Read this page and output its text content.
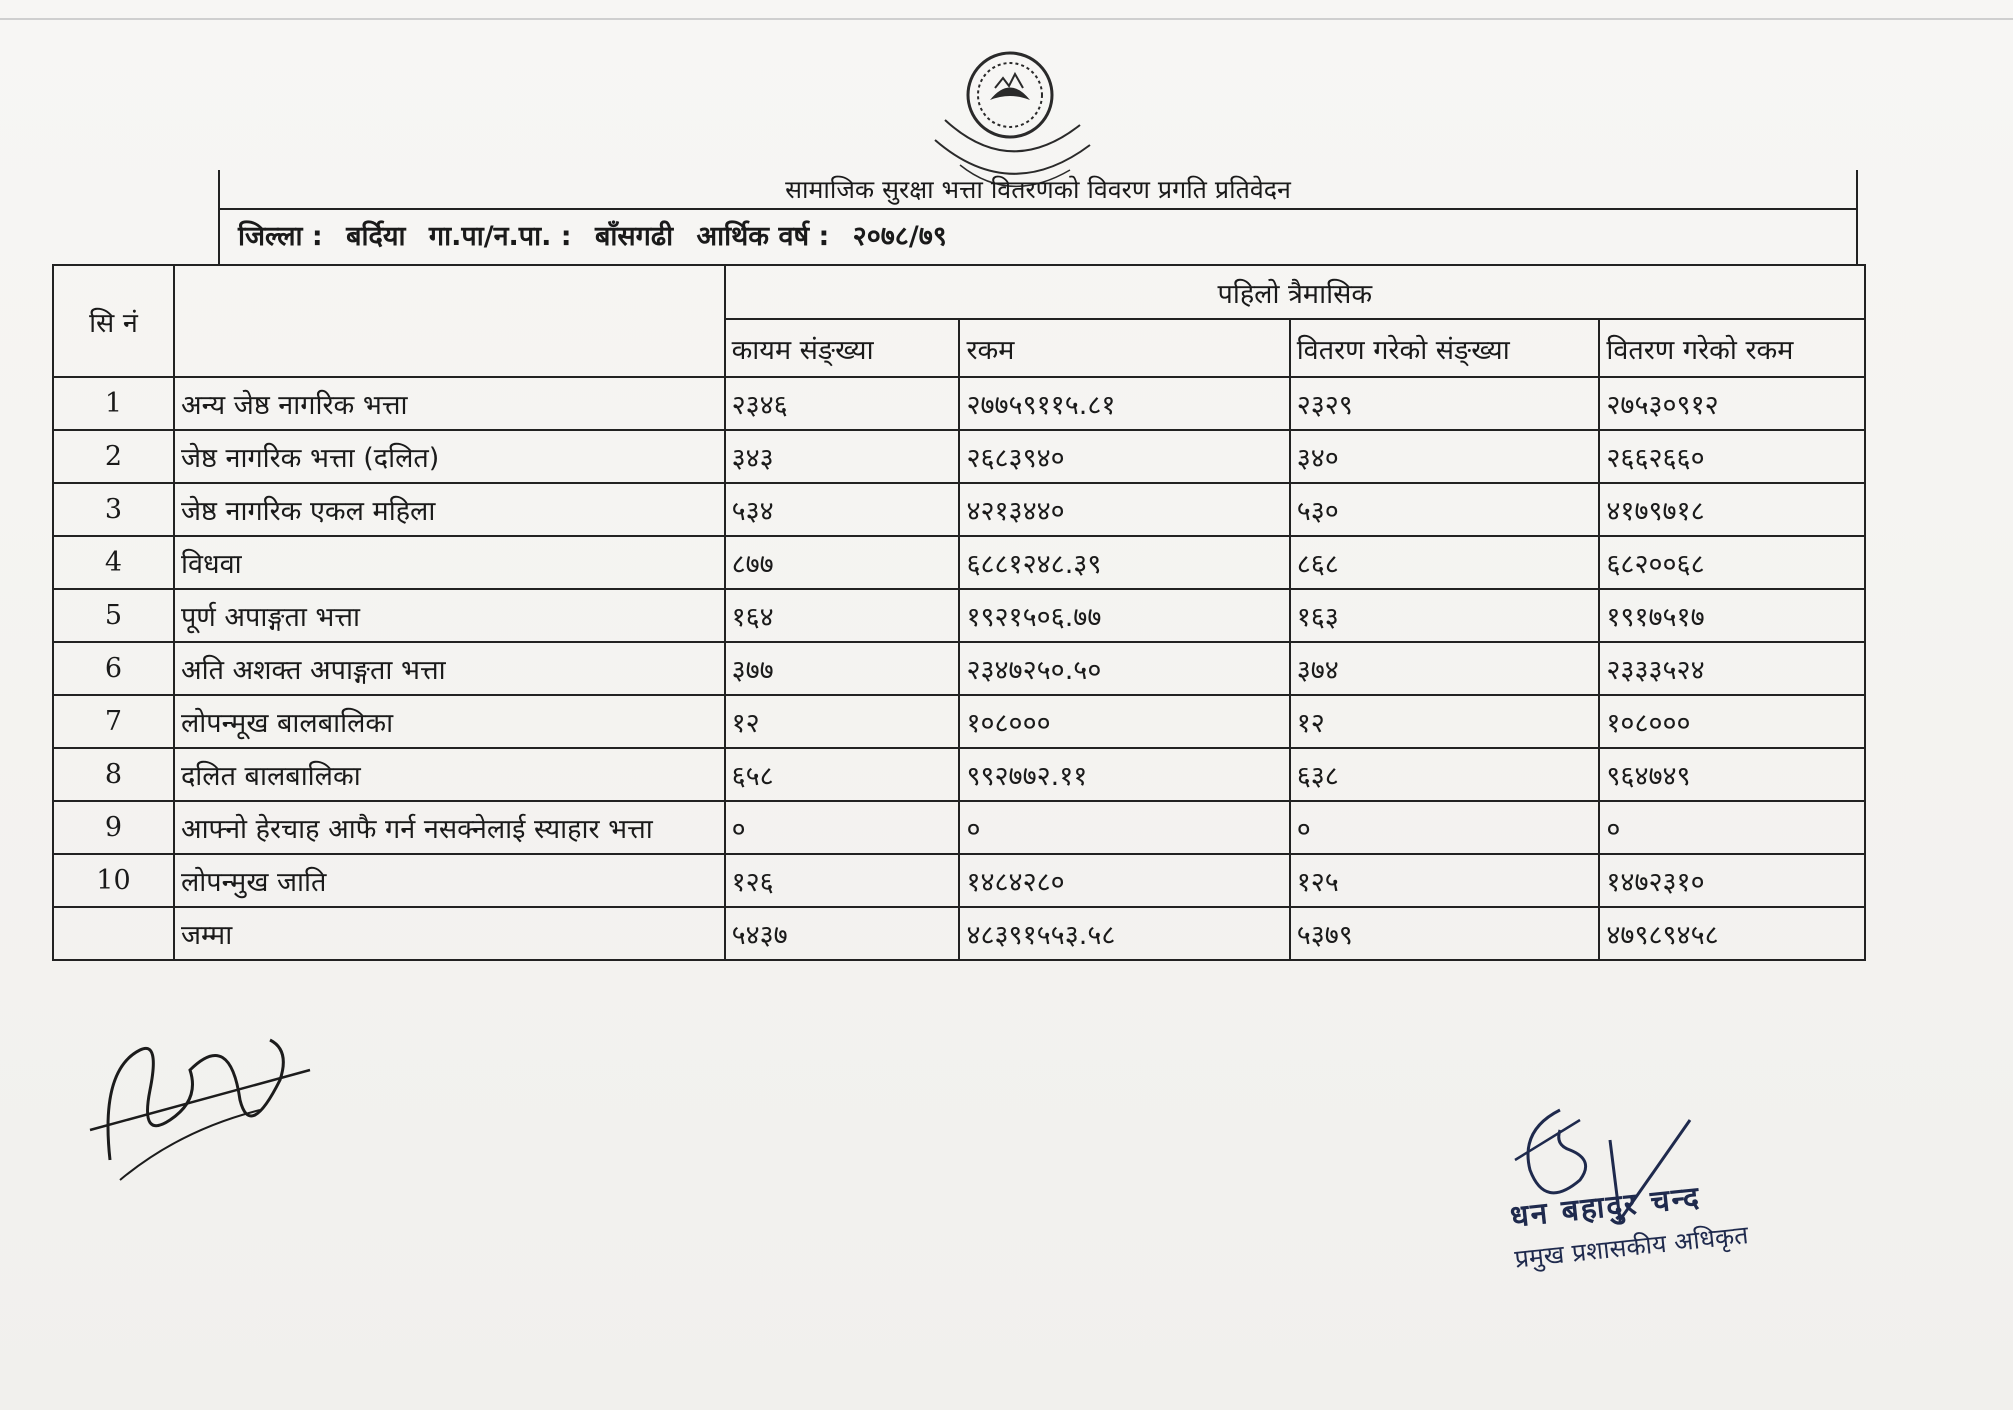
सामाजिक सुरक्षा भत्ता वितरणको विवरण प्रगति प्रतिवेदन
जिल्ला : बर्दिया गा.पा/न.पा. : बाँसगढी आर्थिक वर्ष : २०७८/७९
सि नं		पहिलो त्रैमासिक			
		कायम संङ्ख्या	रकम	वितरण गरेको संङ्ख्या	वितरण गरेको रकम
1	अन्य जेष्ठ नागरिक भत्ता	२३४६	२७७५९११५.८१	२३२९	२७५३०९१२
2	जेष्ठ नागरिक भत्ता (दलित)	३४३	२६८३९४०	३४०	२६६२६६०
3	जेष्ठ नागरिक एकल महिला	५३४	४२१३४४०	५३०	४१७९७१८
4	विधवा	८७७	६८८१२४८.३९	८६८	६८२००६८
5	पूर्ण अपाङ्गता भत्ता	१६४	१९२१५०६.७७	१६३	१९१७५१७
6	अति अशक्त अपाङ्गता भत्ता	३७७	२३४७२५०.५०	३७४	२३३३५२४
7	लोपन्मूख बालबालिका	१२	१०८०००	१२	१०८०००
8	दलित बालबालिका	६५८	९९२७७२.११	६३८	९६४७४९
9	आफ्नो हेरचाह आफै गर्न नसक्नेलाई स्याहार भत्ता	०	०	०	०
10	लोपन्मुख जाति	१२६	१४८४२८०	१२५	१४७२३१०
	जम्मा	५४३७	४८३९१५५३.५८	५३७९	४७९८९४५८
धन बहादुर चन्द
प्रमुख प्रशासकीय अधिकृत
